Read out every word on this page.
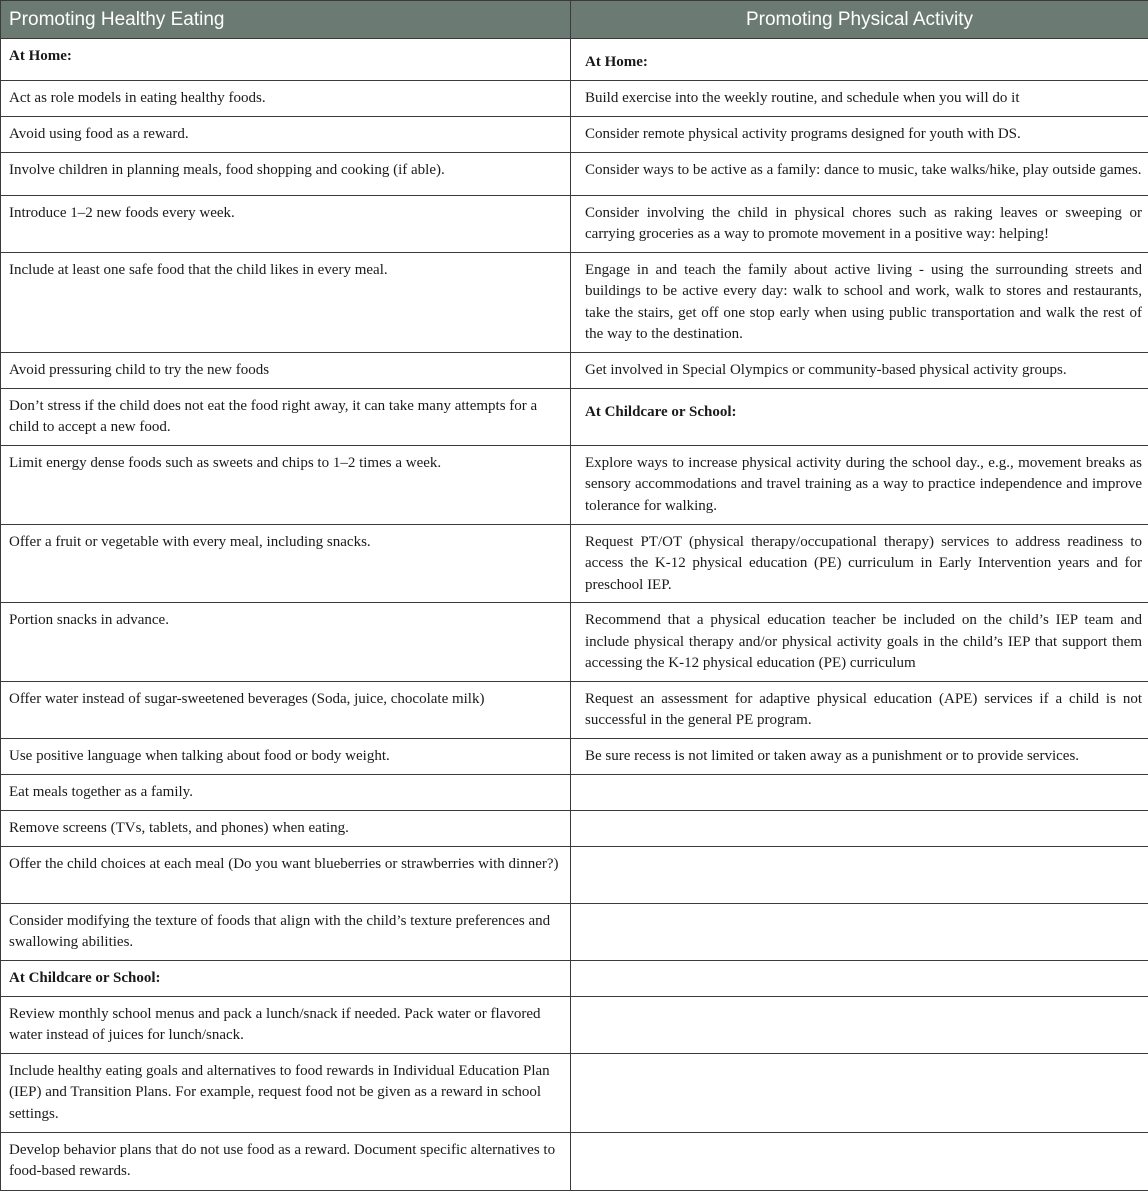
Promoting Healthy Eating	Promoting Physical Activity
At Home:	At Home:
Act as role models in eating healthy foods.	Build exercise into the weekly routine, and schedule when you will do it
Avoid using food as a reward.	Consider remote physical activity programs designed for youth with DS.
Involve children in planning meals, food shopping and cooking (if able).	Consider ways to be active as a family: dance to music, take walks/hike, play outside games.
Introduce 1–2 new foods every week.	Consider involving the child in physical chores such as raking leaves or sweeping or carrying groceries as a way to promote movement in a positive way: helping!
Include at least one safe food that the child likes in every meal.	Engage in and teach the family about active living - using the surrounding streets and buildings to be active every day: walk to school and work, walk to stores and restaurants, take the stairs, get off one stop early when using public transportation and walk the rest of the way to the destination.
Avoid pressuring child to try the new foods	Get involved in Special Olympics or community-based physical activity groups.
Don’t stress if the child does not eat the food right away, it can take many attempts for a child to accept a new food.	At Childcare or School:
Limit energy dense foods such as sweets and chips to 1–2 times a week.	Explore ways to increase physical activity during the school day., e.g., movement breaks as sensory accommodations and travel training as a way to practice independence and improve tolerance for walking.
Offer a fruit or vegetable with every meal, including snacks.	Request PT/OT (physical therapy/occupational therapy) services to address readiness to access the K-12 physical education (PE) curriculum in Early Intervention years and for preschool IEP.
Portion snacks in advance.	Recommend that a physical education teacher be included on the child’s IEP team and include physical therapy and/or physical activity goals in the child’s IEP that support them accessing the K-12 physical education (PE) curriculum
Offer water instead of sugar-sweetened beverages (Soda, juice, chocolate milk)	Request an assessment for adaptive physical education (APE) services if a child is not successful in the general PE program.
Use positive language when talking about food or body weight.	Be sure recess is not limited or taken away as a punishment or to provide services.
Eat meals together as a family.	
Remove screens (TVs, tablets, and phones) when eating.	
Offer the child choices at each meal (Do you want blueberries or strawberries with dinner?)	
Consider modifying the texture of foods that align with the child’s texture preferences and swallowing abilities.	
At Childcare or School:	
Review monthly school menus and pack a lunch/snack if needed. Pack water or flavored water instead of juices for lunch/snack.	
Include healthy eating goals and alternatives to food rewards in Individual Education Plan (IEP) and Transition Plans. For example, request food not be given as a reward in school settings.	
Develop behavior plans that do not use food as a reward. Document specific alternatives to food-based rewards.	
